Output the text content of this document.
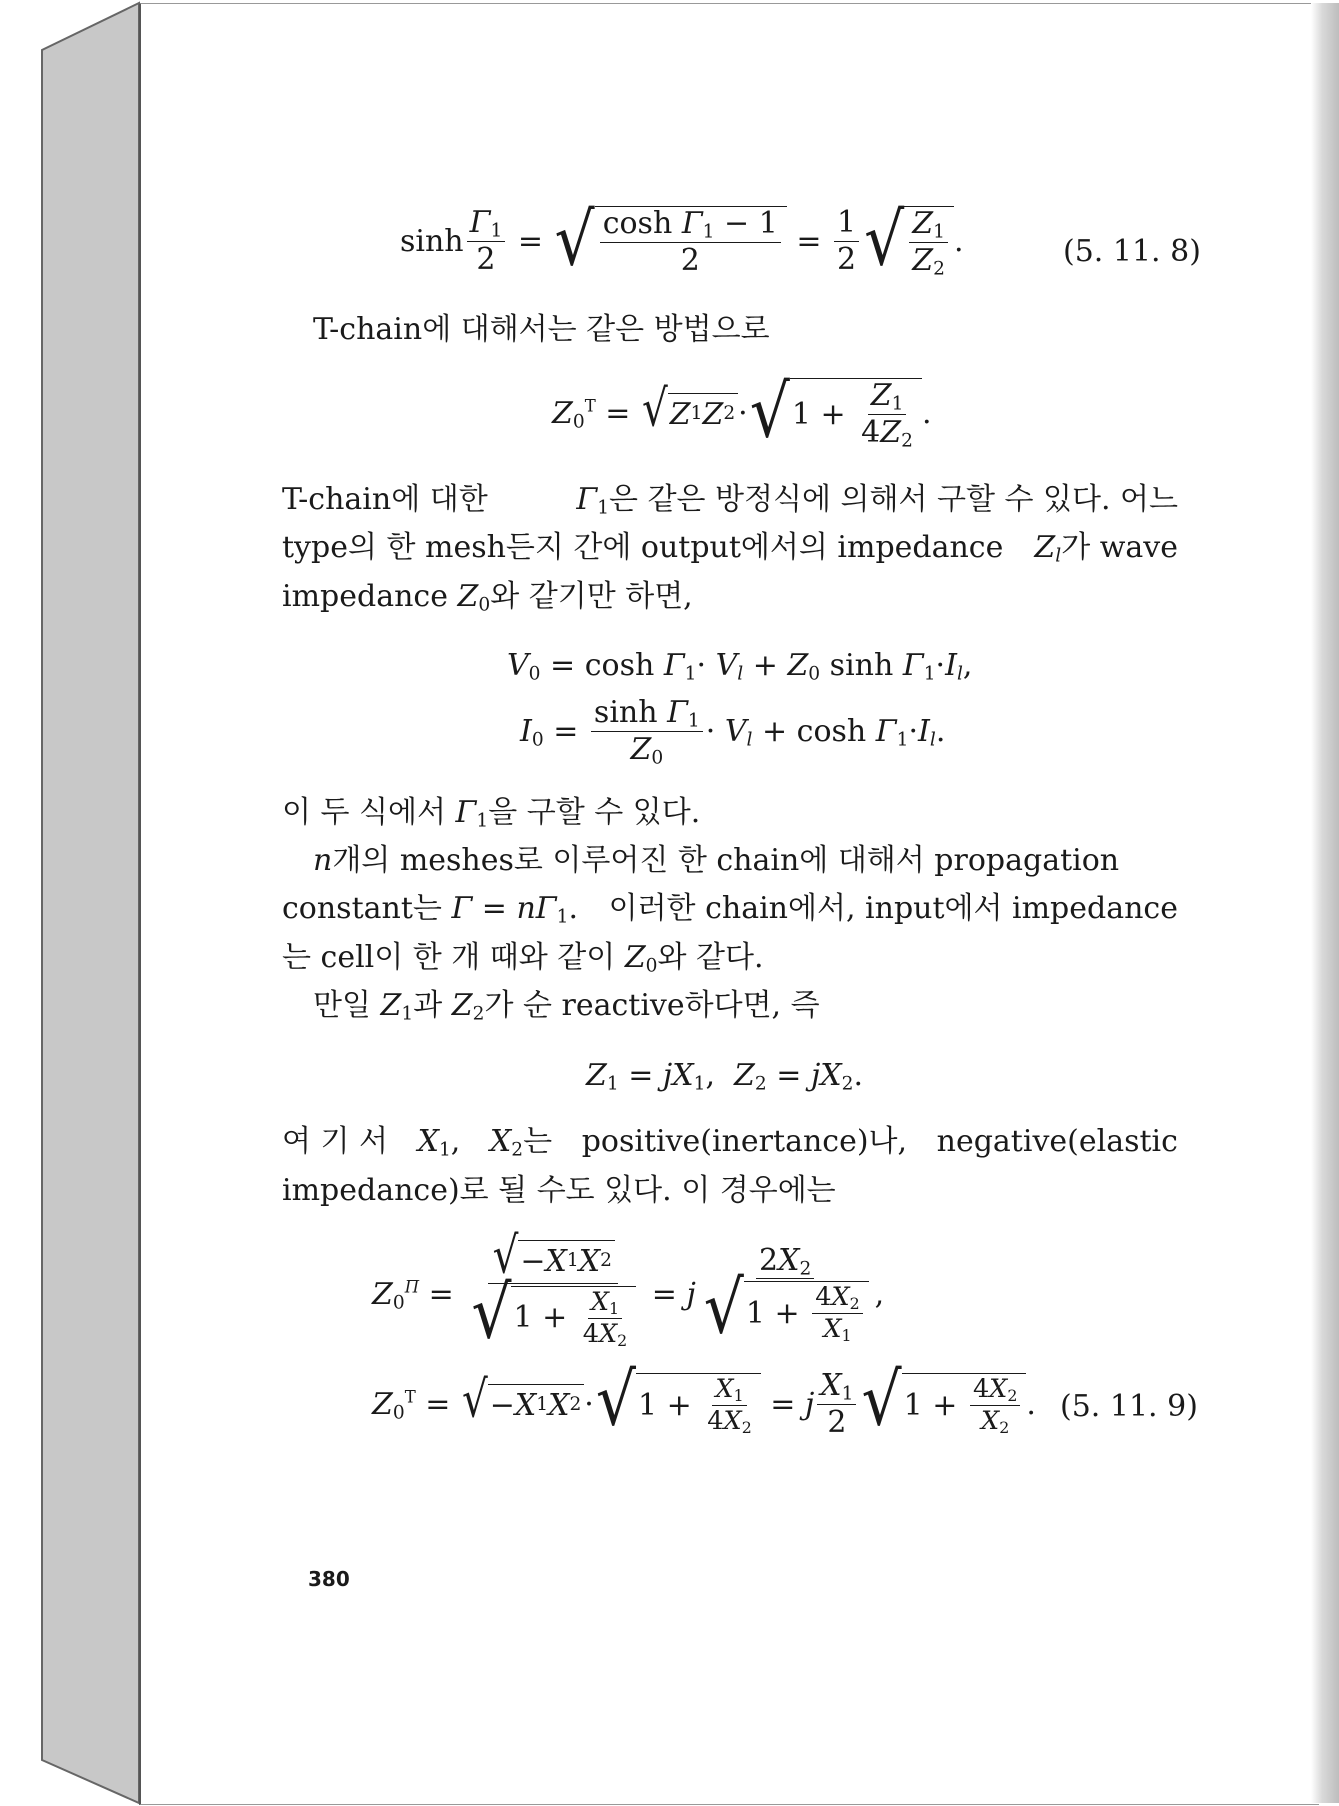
$\sinh \frac{\Gamma_1}{2}$ = √ $\frac{\cosh \Gamma_1 - 1}{2} = \frac{1}{2}$ √ $\frac{Z_1}{Z_2}$ .	(5. 11. 8)
T-chain에 대해서는 같은 방법으로
$Z_0^T$ = √ Z 1 Z 2 · √ $1 + \frac{Z_1}{4Z_2}$ .
T-chain에 대한	$\Gamma_1$은 같은 방정식에 의해서 구할 수 있다. 어느
type의 한 mesh든지 간에 output에서의 impedance $Z_l$가 wave
impedance $Z_0$와 같기만 하면,
$V_0 = \cosh \Gamma_1\cdot V_l + Z_0$ $\sinh \Gamma_1\cdot I_l$,
$I_0 = \frac{\sinh \Gamma_1}{Z_0} \cdot V_l + \cosh \Gamma_1\cdot I_l$.
이 두 식에서 $\Gamma_1$을 구할 수 있다.
n개의 meshes로 이루어진 한 chain에 대해서 propagation
constant는 $\Gamma = n\Gamma_1$. 이러한 chain에서, input에서 impedance
는 cell이 한 개 때와 같이 $Z_0$와 같다.
만일 $Z_1$과 $Z_2$가 순 reactive하다면, 즉
$Z_1 = jX_1$,  $Z_2 = jX_2$.
여 기 서 $X_1$, $X_2$는 positive(inertance)나, negative(elastic
impedance)로 될 수도 있다. 이 경우에는
$Z_0^\Pi = \frac{√ - X 1 X 2}{√ 1 + \frac{X_1}{4X_2}} = j \frac{2X_2}{√ 1 + \frac{4X_2}{X_1}}$ ,
$Z_0^T$ = √ − X 1 X 2 · √ $1 + \frac{X_1}{4X_2} = j \frac{X_1}{2}$ √ $1 + \frac{4X_2}{X_2}$ . (5. 11. 9)
380
